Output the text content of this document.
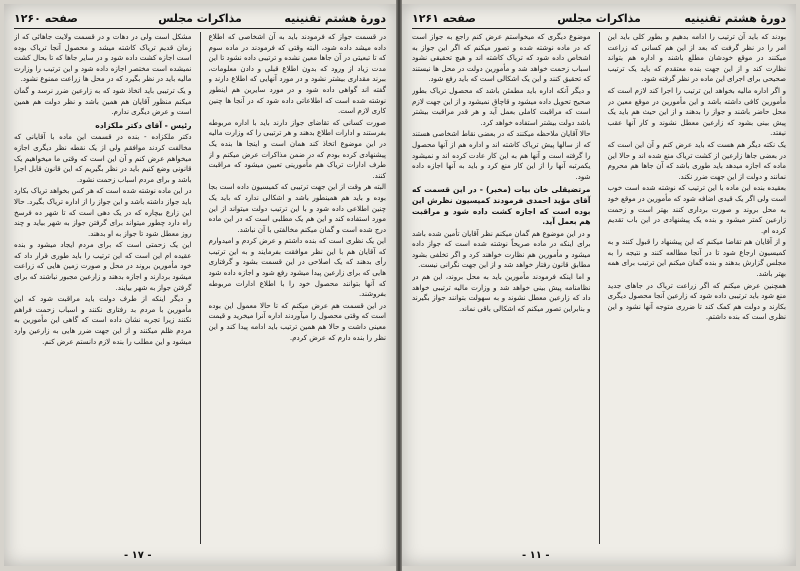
دورهٔ هشتم تقنینیه
مذاکرات مجلس
صفحه ۱۲۶۰

در قسمت جواز که فرمودند باید به آن اشخاصی که اطلاع داده میشد داده شود، البته وقتی که فرمودند در ماده سوم که تا تبعیتی در آن جاها معین نشده و ترتیبی داده نشود تا این مدت زیاد از ورود که بدون اطلاع قبلی و دادن معلومات، ببرند مقداری بیشتر نشود و در مورد آنهایی که اطلاع دارند و گفته اند گواهی داده شود و در مورد سایرین هم اینطور نوشته شده است که اطلاعاتی داده شود که در آنجا ها چنین کاری لازم است.

صورت کسانی که تقاضای جواز دارند باید با اداره مربوطه بفرستند و ادارات اطلاع بدهند و هر ترتیبی را که وزارت مالیه در این موضوع اتخاذ کند همان است و اینجا ها بنده یک پیشنهادی کرده بودم که در ضمن مذاکرات عرض میکنم و از طرف ادارات تریاک هم مأمورینی تعیین میشود که مراقبت کنند.

البته هر وقت از این جهت ترتیبی که کمیسیون داده است بجا بوده و باید هم همینطور باشد و اشکالی ندارد که باید یک چنین اطلاعی داده شود و با این ترتیب دولت میتواند از این مورد استفاده کند و این هم یک مطلبی است که در این ماده درج شده است و گمان میکنم مخالفتی با آن نباشد.

این یک نظری است که بنده داشتم و عرض کردم و امیدوارم که آقایان هم با این نظر موافقت بفرمایند و به این ترتیب رأی بدهند که یک اصلاحی در این قسمت بشود و گرفتاری هایی که برای زارعین پیدا میشود رفع شود و اجازه داده شود که آنها بتوانند محصول خود را با اطلاع ادارات مربوطه بفروشند.

در این قسمت هم عرض میکنم که تا حالا معمول این بوده است که وقتی محصول را میآوردند اداره آنرا میخرید و قیمت معینی داشت و حالا هم همین ترتیب باید ادامه پیدا کند و این نظر را بنده دارم که عرض کردم.

مشکل است ولی در دهات و در قسمت ولایت جاهائی که از زمان قدیم تریاک کاشته میشد و محصول آنجا تریاک بوده است اجازه کشت داده شود و در سایر جاها که تا بحال کشت نمیشده است مختصر اجازه داده شود و این ترتیب را وزارت مالیه باید در نظر بگیرد که در محل ها زراعت ممنوع نشود.

و یک ترتیبی باید اتخاذ شود که به زارعین ضرر نرسد و گمان میکنم منظور آقایان هم همین باشد و نظر دولت هم همین است و عرض دیگری ندارم.

رئیس - آقای دکتر ملکزاده

دکتر ملکزاده - بنده در قسمت این ماده با آقایانی که مخالفت کردند موافقم ولی از یک نقطه نظر دیگری اجازه میخواهم عرض کنم و آن این است که وقتی ما میخواهیم یک قانونی وضع کنیم باید در نظر بگیریم که این قانون قابل اجرا باشد و برای مردم اسباب زحمت نشود.

در این ماده نوشته شده است که هر کس بخواهد تریاک بکارد باید جواز داشته باشد و این جواز را از اداره تریاک بگیرد. حالا این زارع بیچاره که در یک دهی است که تا شهر ده فرسخ راه دارد چطور میتواند برای گرفتن جواز به شهر بیاید و چند روز معطل شود تا جواز به او بدهند.

این یک زحمتی است که برای مردم ایجاد میشود و بنده عقیده ام این است که این ترتیب را باید طوری قرار داد که خود مأمورین بروند در محل و صورت زمین هایی که زراعت میشود بردارند و اجازه بدهند و زارعین مجبور نباشند که برای گرفتن جواز به شهر بیایند.

و دیگر اینکه از طرف دولت باید مراقبت شود که این مأمورین با مردم بد رفتاری نکنند و اسباب زحمت فراهم نکنند زیرا تجربه نشان داده است که گاهی این مأمورین به مردم ظلم میکنند و از این جهت ضرر هایی به زارعین وارد میشود و این مطلب را بنده لازم دانستم عرض کنم.

- ۱۷ -
دورهٔ هشتم تقنینیه
مذاکرات مجلس
صفحه ۱۲۶۱

بودند که باید آن ترتیب را ادامه بدهیم و بطور کلی باید این امر را در نظر گرفت که بعد از این هم کسانی که زراعت میکنند در موقع خودشان مطلع باشند و اداره هم بتواند نظارت کند و از این جهت بنده معتقدم که باید یک ترتیب صحیحی برای اجرای این ماده در نظر گرفته شود.

و اگر اداره مالیه بخواهد این ترتیب را اجرا کند لازم است که مأمورین کافی داشته باشد و این مأمورین در موقع معین در محل حاضر باشند و جواز را بدهند و از این حیث هم باید یک پیش بینی بشود که زارعین معطل نشوند و کار آنها عقب نیفتد.

یک نکته دیگر هم هست که باید عرض کنم و آن این است که در بعضی جاها زارعین از کشت تریاک منع شده اند و حالا این ماده که اجازه میدهد باید طوری باشد که آن جاها هم محروم نمانند و دولت از این جهت ضرر نکند.

بعقیده بنده این ماده با این ترتیب که نوشته شده است خوب است ولی اگر یک قیدی اضافه شود که مأمورین در موقع خود به محل بروند و صورت برداری کنند بهتر است و زحمت زارعین کمتر میشود و بنده یک پیشنهادی در این باب تقدیم کرده ام.

و از آقایان هم تقاضا میکنم که این پیشنهاد را قبول کنند و به کمیسیون ارجاع شود تا در آنجا مطالعه کنند و نتیجه را به مجلس گزارش بدهند و بنده گمان میکنم این ترتیب برای همه بهتر باشد.

همچنین عرض میکنم که اگر زراعت تریاک در جاهای جدید منع شود باید ترتیبی داده شود که زارعین آنجا محصول دیگری بکارند و دولت هم کمک کند تا ضرری متوجه آنها نشود و این نظری است که بنده داشتم.

موضوع دیگری که میخواستم عرض کنم راجع به جواز است که در ماده نوشته شده و تصور میکنم که اگر این جواز به اشخاص داده شود که تریاک کاشته اند و هیچ تحقیقی نشود اسباب زحمت خواهد شد و مأمورین دولت در محل ها نیستند که تحقیق کنند و این یک اشکالی است که باید رفع شود.

و دیگر آنکه اداره باید مطمئن باشد که محصول تریاک بطور صحیح تحویل داده میشود و قاچاق نمیشود و از این جهت لازم است که مراقبت کاملی بعمل آید و هر قدر مراقبت بیشتر باشد دولت بیشتر استفاده خواهد کرد.

حالا آقایان ملاحظه میکنند که در بعضی نقاط اشخاصی هستند که از سالها پیش تریاک کاشته اند و اداره هم از آنها محصول را گرفته است و آنها هم به این کار عادت کرده اند و نمیشود یکمرتبه آنها را از این کار منع کرد و باید به آنها اجازه داده شود.

مرتضیقلی خان بیات (مخبر) - در این قسمت که آقای مؤید احمدی فرمودند کمیسیون نظرش این بوده است که اجازه کشت داده شود و مراقبت هم بعمل آید.

و در این موضوع هم گمان میکنم نظر آقایان تأمین شده باشد برای اینکه در ماده صریحاً نوشته شده است که جواز داده میشود و مأمورین هم نظارت خواهند کرد و اگر تخلفی بشود مطابق قانون رفتار خواهد شد و از این جهت نگرانی نیست.

و اما اینکه فرمودند مأمورین باید به محل بروند، این هم در نظامنامه پیش بینی خواهد شد و وزارت مالیه ترتیبی خواهد داد که زارعین معطل نشوند و به سهولت بتوانند جواز بگیرند و بنابراین تصور میکنم که اشکالی باقی نماند.

- ۱۱ -
